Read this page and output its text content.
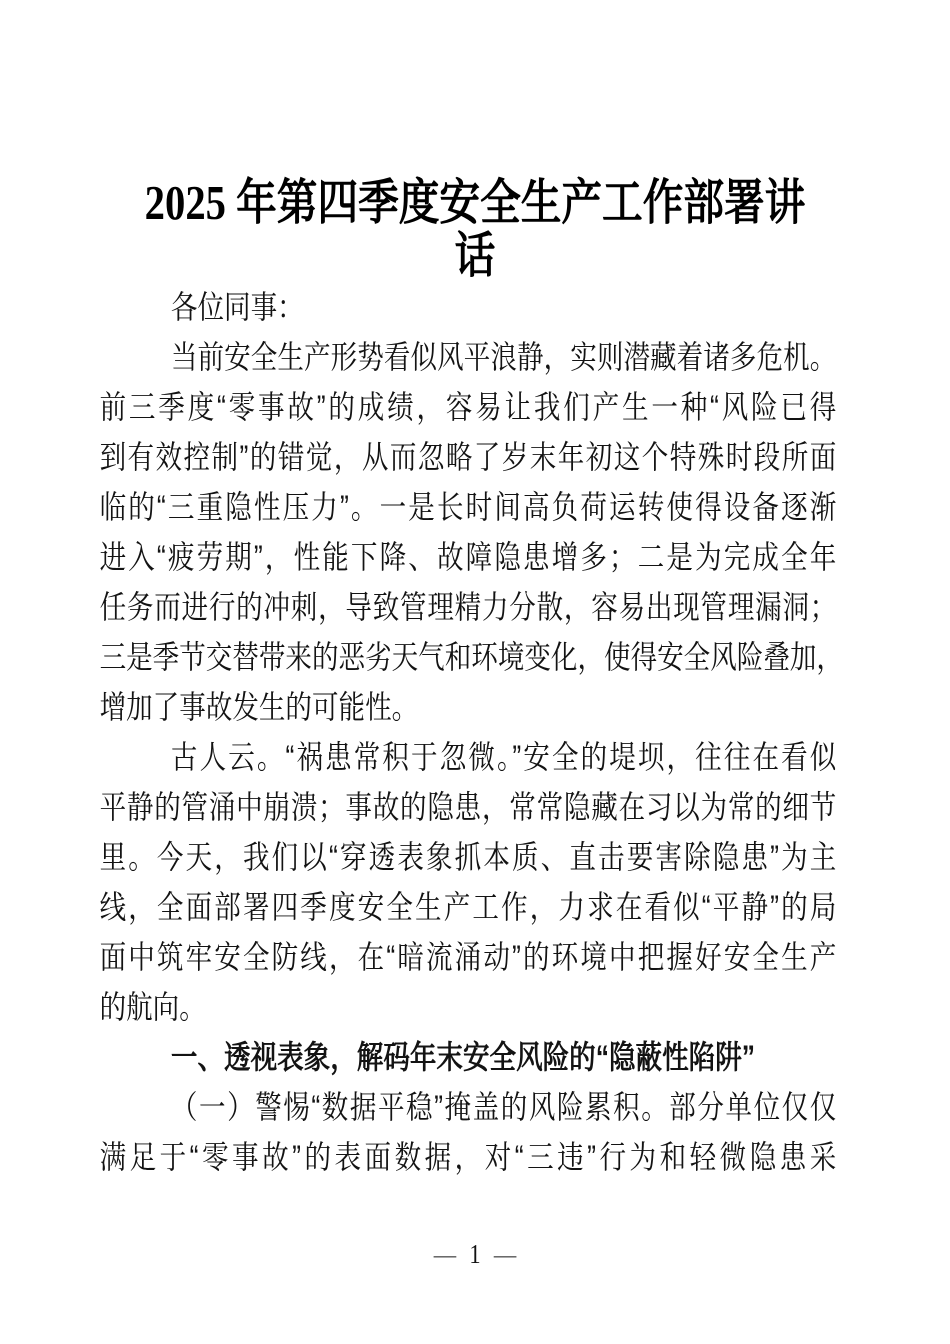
2025 年第四季度安全生产工作部署讲
话
各位同事：
当前安全生产形势看似风平浪静，实则潜藏着诸多危机。
前三季度“零事故”的成绩，容易让我们产生一种“风险已得
到有效控制”的错觉，从而忽略了岁末年初这个特殊时段所面
临的“三重隐性压力”。一是长时间高负荷运转使得设备逐渐
进入“疲劳期”，性能下降、故障隐患增多；二是为完成全年
任务而进行的冲刺，导致管理精力分散，容易出现管理漏洞；
三是季节交替带来的恶劣天气和环境变化，使得安全风险叠加，
增加了事故发生的可能性。
古人云。“祸患常积于忽微。”安全的堤坝，往往在看似
平静的管涌中崩溃；事故的隐患，常常隐藏在习以为常的细节
里。今天，我们以“穿透表象抓本质、直击要害除隐患”为主
线，全面部署四季度安全生产工作，力求在看似“平静”的局
面中筑牢安全防线，在“暗流涌动”的环境中把握好安全生产
的航向。
一、透视表象，解码年末安全风险的“隐蔽性陷阱”
（一）警惕“数据平稳”掩盖的风险累积。部分单位仅仅
满足于“零事故”的表面数据，对“三违”行为和轻微隐患采
— 1 —
